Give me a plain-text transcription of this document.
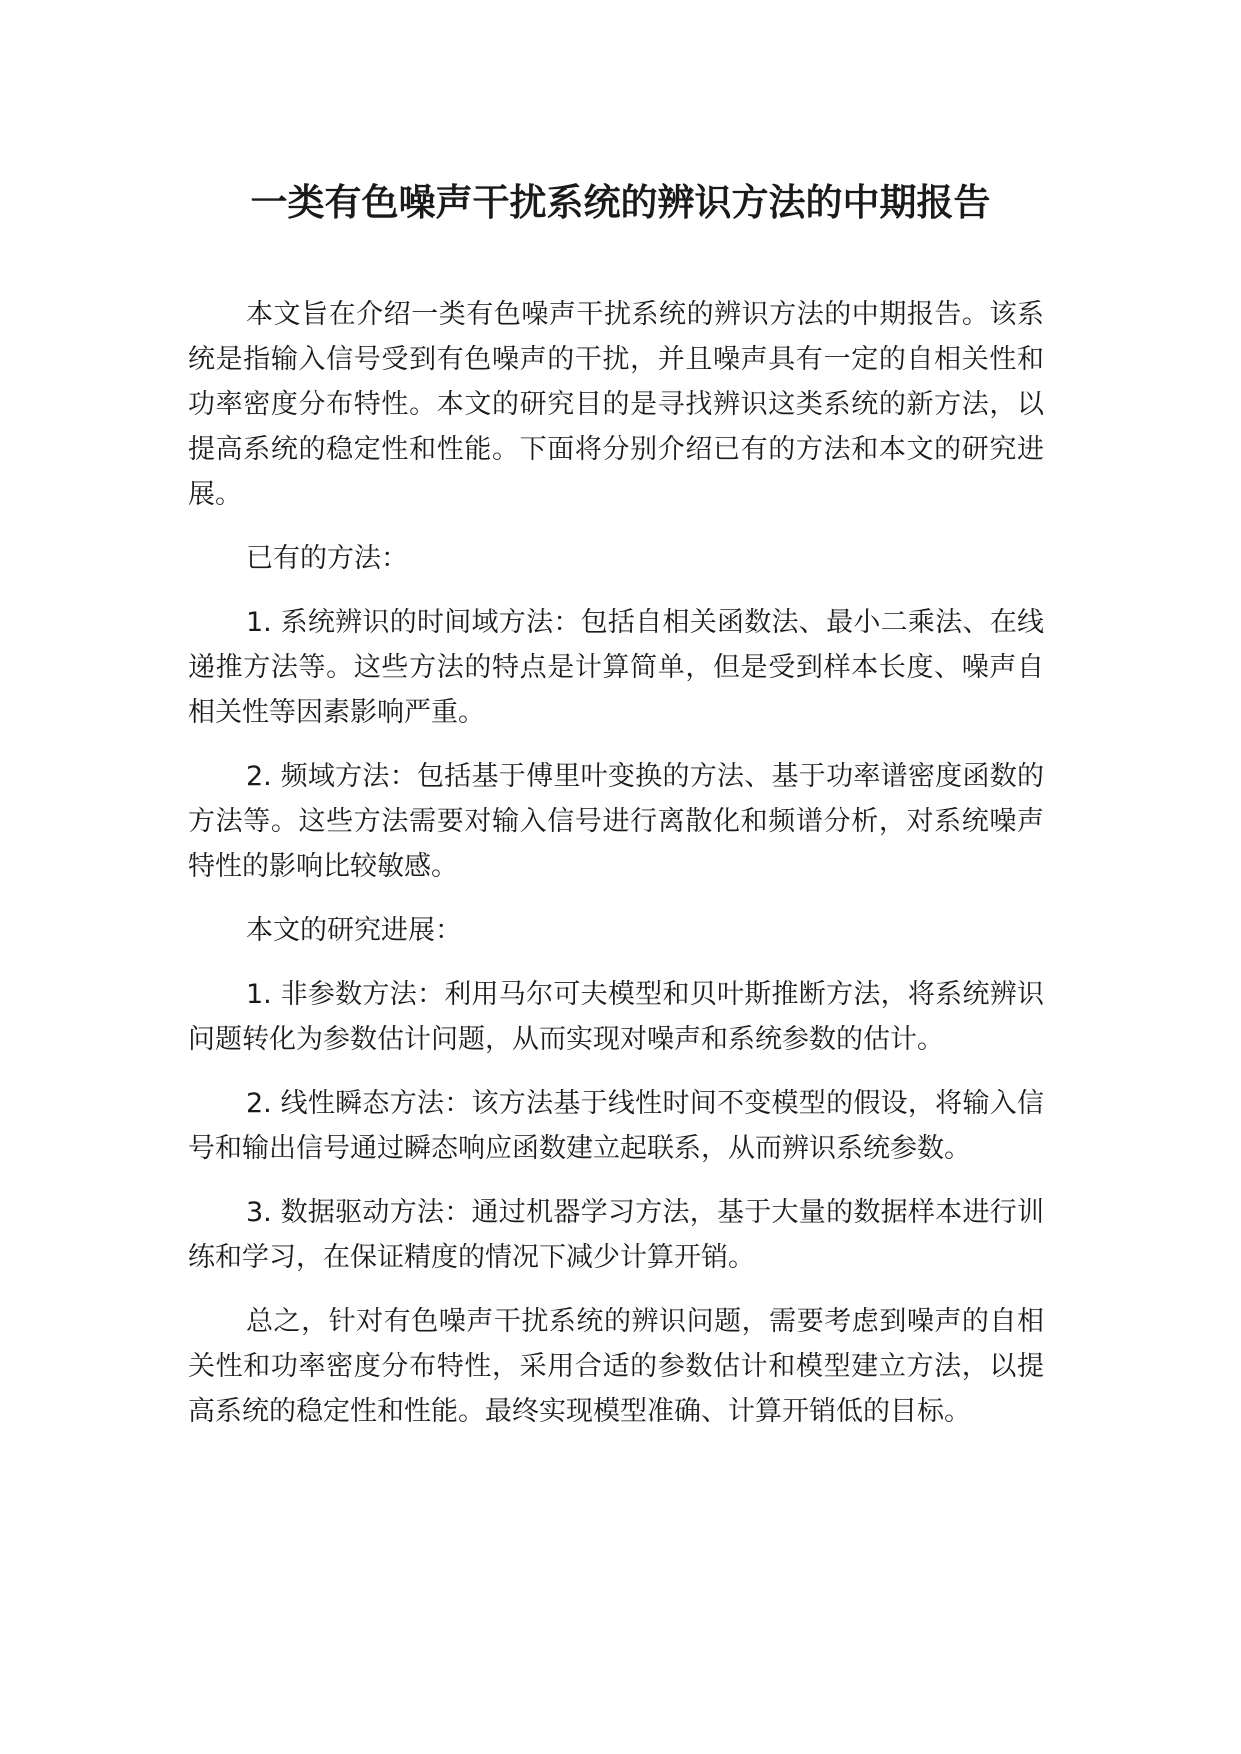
一类有色噪声干扰系统的辨识方法的中期报告

本文旨在介绍一类有色噪声干扰系统的辨识方法的中期报告。该系统是指输入信号受到有色噪声的干扰，并且噪声具有一定的自相关性和功率密度分布特性。本文的研究目的是寻找辨识这类系统的新方法，以提高系统的稳定性和性能。下面将分别介绍已有的方法和本文的研究进展。

已有的方法：

1. 系统辨识的时间域方法：包括自相关函数法、最小二乘法、在线递推方法等。这些方法的特点是计算简单，但是受到样本长度、噪声自相关性等因素影响严重。

2. 频域方法：包括基于傅里叶变换的方法、基于功率谱密度函数的方法等。这些方法需要对输入信号进行离散化和频谱分析，对系统噪声特性的影响比较敏感。

本文的研究进展：

1. 非参数方法：利用马尔可夫模型和贝叶斯推断方法，将系统辨识问题转化为参数估计问题，从而实现对噪声和系统参数的估计。

2. 线性瞬态方法：该方法基于线性时间不变模型的假设，将输入信号和输出信号通过瞬态响应函数建立起联系，从而辨识系统参数。

3. 数据驱动方法：通过机器学习方法，基于大量的数据样本进行训练和学习，在保证精度的情况下减少计算开销。

总之，针对有色噪声干扰系统的辨识问题，需要考虑到噪声的自相关性和功率密度分布特性，采用合适的参数估计和模型建立方法，以提高系统的稳定性和性能。最终实现模型准确、计算开销低的目标。
